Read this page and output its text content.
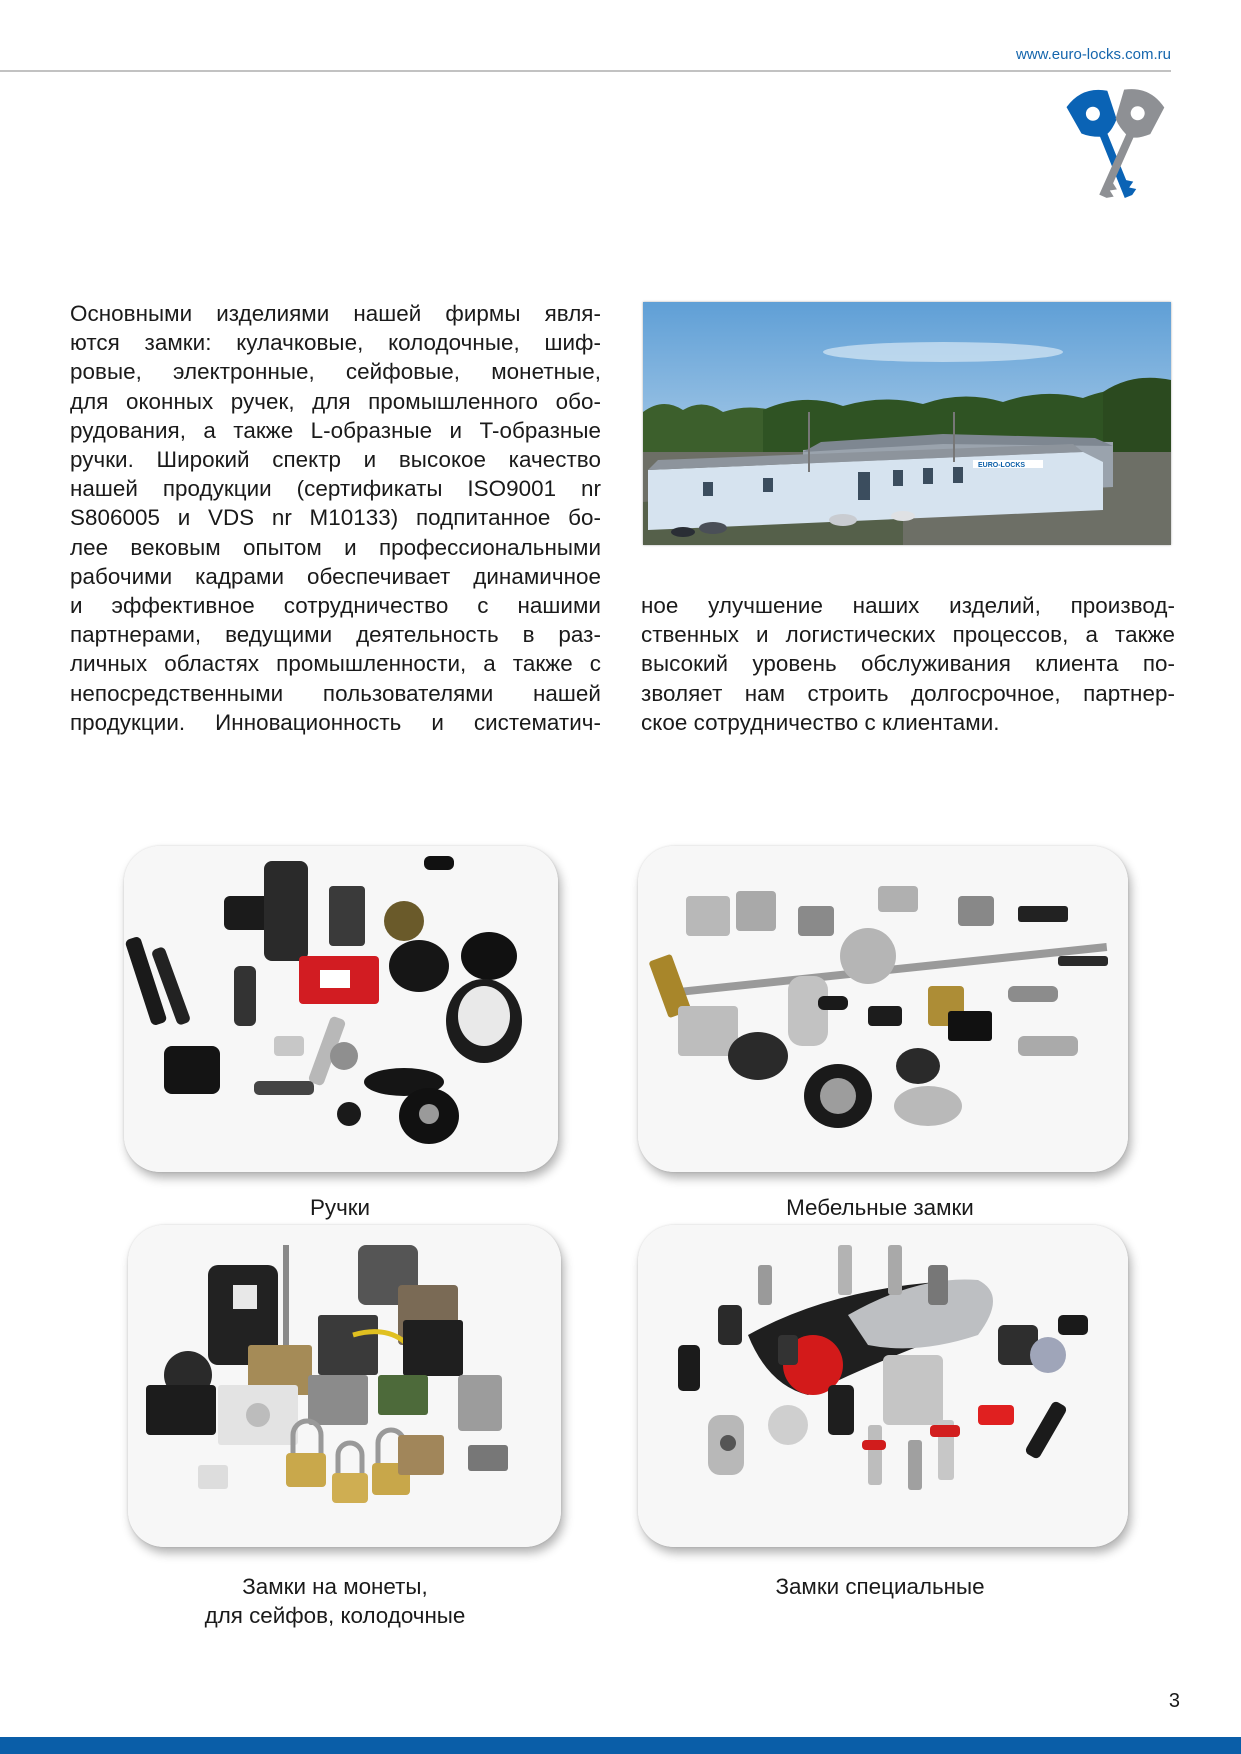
www.euro-locks.com.ru
Основными изделиями нашей фирмы явля-
ются замки: кулачковые, колодочные, шиф-
ровые, электронные, сейфовые, монетные,
для оконных ручек, для промышленного обо-
рудования, а также L-образные и T-образные
ручки. Широкий спектр и высокое качество
нашей продукции (сертификаты ISO9001 nr
S806005 и VDS nr M10133) подпитанное бо-
лее вековым опытом и профессиональными
рабочими кадрами обеспечивает динамичное
и эффективное сотрудничество с нашими
партнерами, ведущими деятельность в раз-
личных областях промышленности, а также с
непосредственными пользователями нашей
продукции. Инновационность и систематич-
EURO-LOCKS
ное улучшение наших изделий, производ-
ственных и логистических процессов, а также
высокий уровень обслуживания клиента по-
зволяет нам строить долгосрочное, партнер-
ское сотрудничество с клиентами.
Ручки	Мебельные замки
Замки на монеты,
для сейфов, колодочные
Замки специальные
3
